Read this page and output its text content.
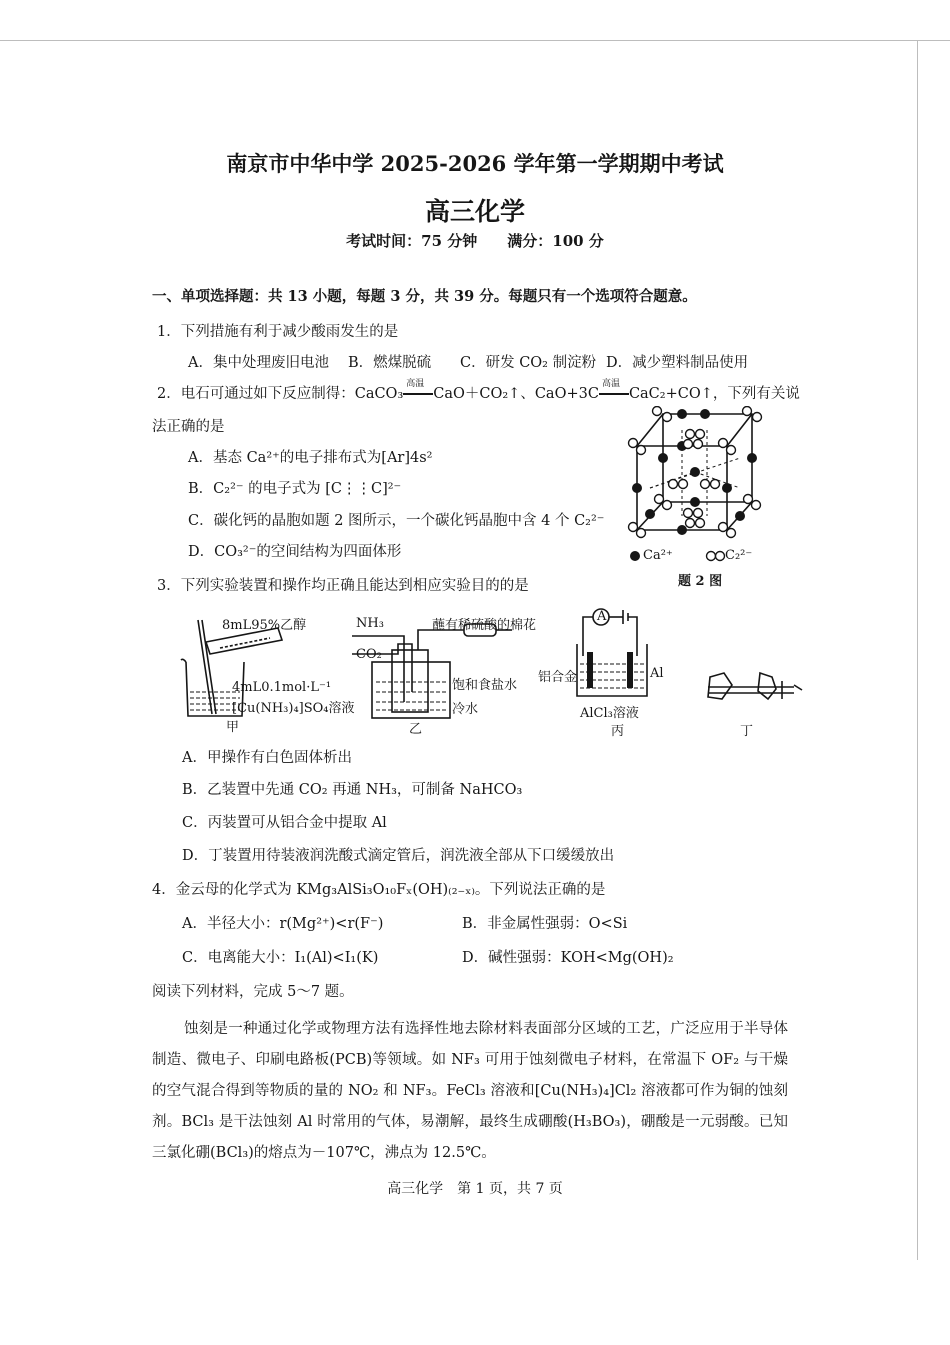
南京市中华中学 2025-2026 学年第一学期期中考试
高三化学
考试时间：75 分钟　　满分：100 分
一、单项选择题：共 13 小题，每题 3 分，共 39 分。每题只有一个选项符合题意。
1．下列措施有利于减少酸雨发生的是
A．集中处理废旧电池 B．燃煤脱硫 C．研发 CO₂ 制淀粉 D．减少塑料制品使用
2．电石可通过如下反应制得：CaCO₃
高温
CaO＋CO₂↑、CaO+3C
高温
CaC₂+CO↑，下列有关说
法正确的是
A．基态 Ca²⁺的电子排布式为[Ar]4s²
B．C₂²⁻ 的电子式为 [C⋮⋮C]²⁻
C．碳化钙的晶胞如题 2 图所示，一个碳化钙晶胞中含 4 个 C₂²⁻
D．CO₃²⁻的空间结构为四面体形	Ca²⁺	C₂²⁻
题 2 图
3．下列实验装置和操作均正确且能达到相应实验目的的是
8mL95%乙醇
4mL0.1mol·L⁻¹
[Cu(NH₃)₄]SO₄溶液
甲
NH₃
CO₂
蘸有稀硫酸的棉花
饱和食盐水
冷水
乙
A
铝合金	Al
AlCl₃溶液
丙	丁
A．甲操作有白色固体析出
B．乙装置中先通 CO₂ 再通 NH₃，可制备 NaHCO₃
C．丙装置可从铝合金中提取 Al
D．丁装置用待装液润洗酸式滴定管后，润洗液全部从下口缓缓放出
4．金云母的化学式为 KMg₃AlSi₃O₁₀Fₓ(OH)₍₂₋ₓ₎。下列说法正确的是
A．半径大小：r(Mg²⁺)<r(F⁻)	B．非金属性强弱：O<Si
C．电离能大小：I₁(Al)<I₁(K)	D．碱性强弱：KOH<Mg(OH)₂
阅读下列材料，完成 5～7 题。
蚀刻是一种通过化学或物理方法有选择性地去除材料表面部分区域的工艺，广泛应用于半导体制造、微电子、印刷电路板(PCB)等领域。如 NF₃ 可用于蚀刻微电子材料，在常温下 OF₂ 与干燥的空气混合得到等物质的量的 NO₂ 和 NF₃。FeCl₃ 溶液和[Cu(NH₃)₄]Cl₂ 溶液都可作为铜的蚀刻剂。BCl₃ 是干法蚀刻 Al 时常用的气体，易潮解，最终生成硼酸(H₃BO₃)，硼酸是一元弱酸。已知三氯化硼(BCl₃)的熔点为－107℃，沸点为 12.5℃。
高三化学　第 1 页，共 7 页
